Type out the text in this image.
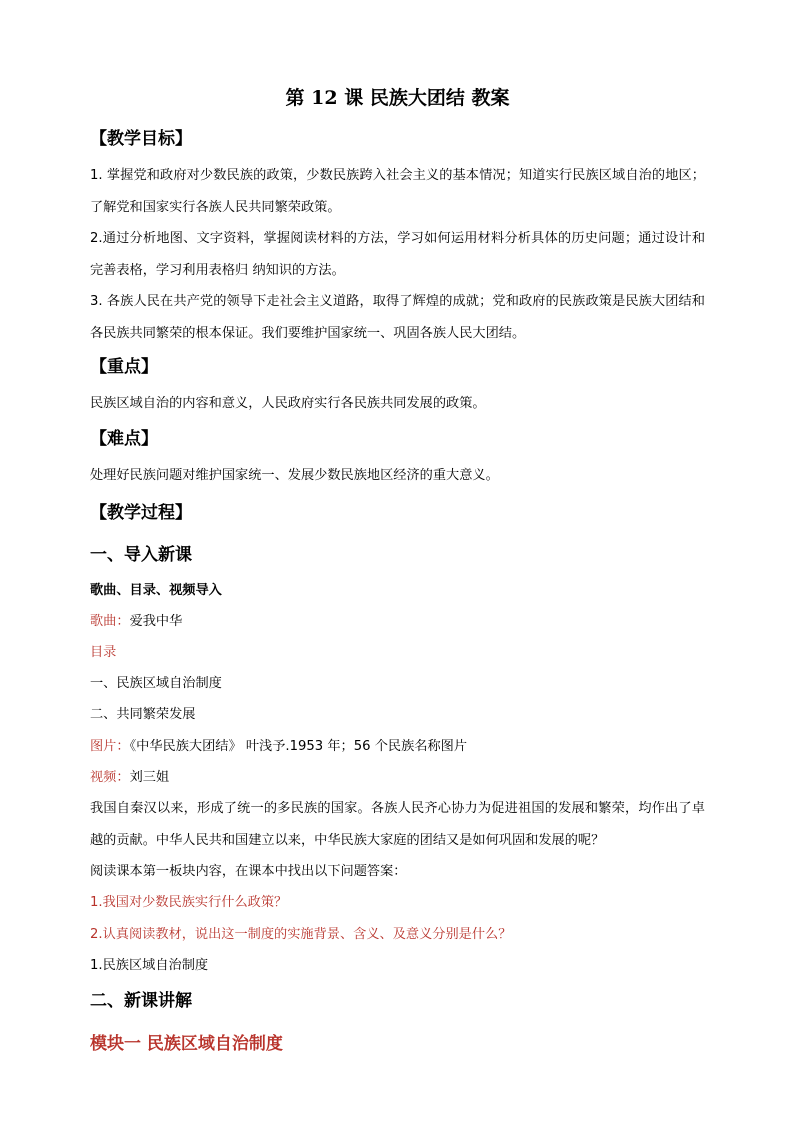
第 12 课 民族大团结 教案
【教学目标】
1. 掌握党和政府对少数民族的政策，少数民族跨入社会主义的基本情况；知道实行民族区域自治的地区；了解党和国家实行各族人民共同繁荣政策。
2.通过分析地图、文字资料，掌握阅读材料的方法，学习如何运用材料分析具体的历史问题；通过设计和完善表格，学习利用表格归 纳知识的方法。
3. 各族人民在共产党的领导下走社会主义道路，取得了辉煌的成就；党和政府的民族政策是民族大团结和各民族共同繁荣的根本保证。我们要维护国家统一、巩固各族人民大团结。
【重点】
民族区域自治的内容和意义，人民政府实行各民族共同发展的政策。
【难点】
处理好民族问题对维护国家统一、发展少数民族地区经济的重大意义。
【教学过程】
一、导入新课
歌曲、目录、视频导入
歌曲：爱我中华
目录
一、民族区域自治制度
二、共同繁荣发展
图片：《中华民族大团结》 叶浅予.1953 年；56 个民族名称图片
视频：刘三姐
我国自秦汉以来，形成了统一的多民族的国家。各族人民齐心协力为促进祖国的发展和繁荣，均作出了卓越的贡献。中华人民共和国建立以来，中华民族大家庭的团结又是如何巩固和发展的呢？
阅读课本第一板块内容，在课本中找出以下问题答案：
1.我国对少数民族实行什么政策？
2.认真阅读教材，说出这一制度的实施背景、含义、及意义分别是什么？
1.民族区域自治制度
二、新课讲解
模块一 民族区域自治制度
